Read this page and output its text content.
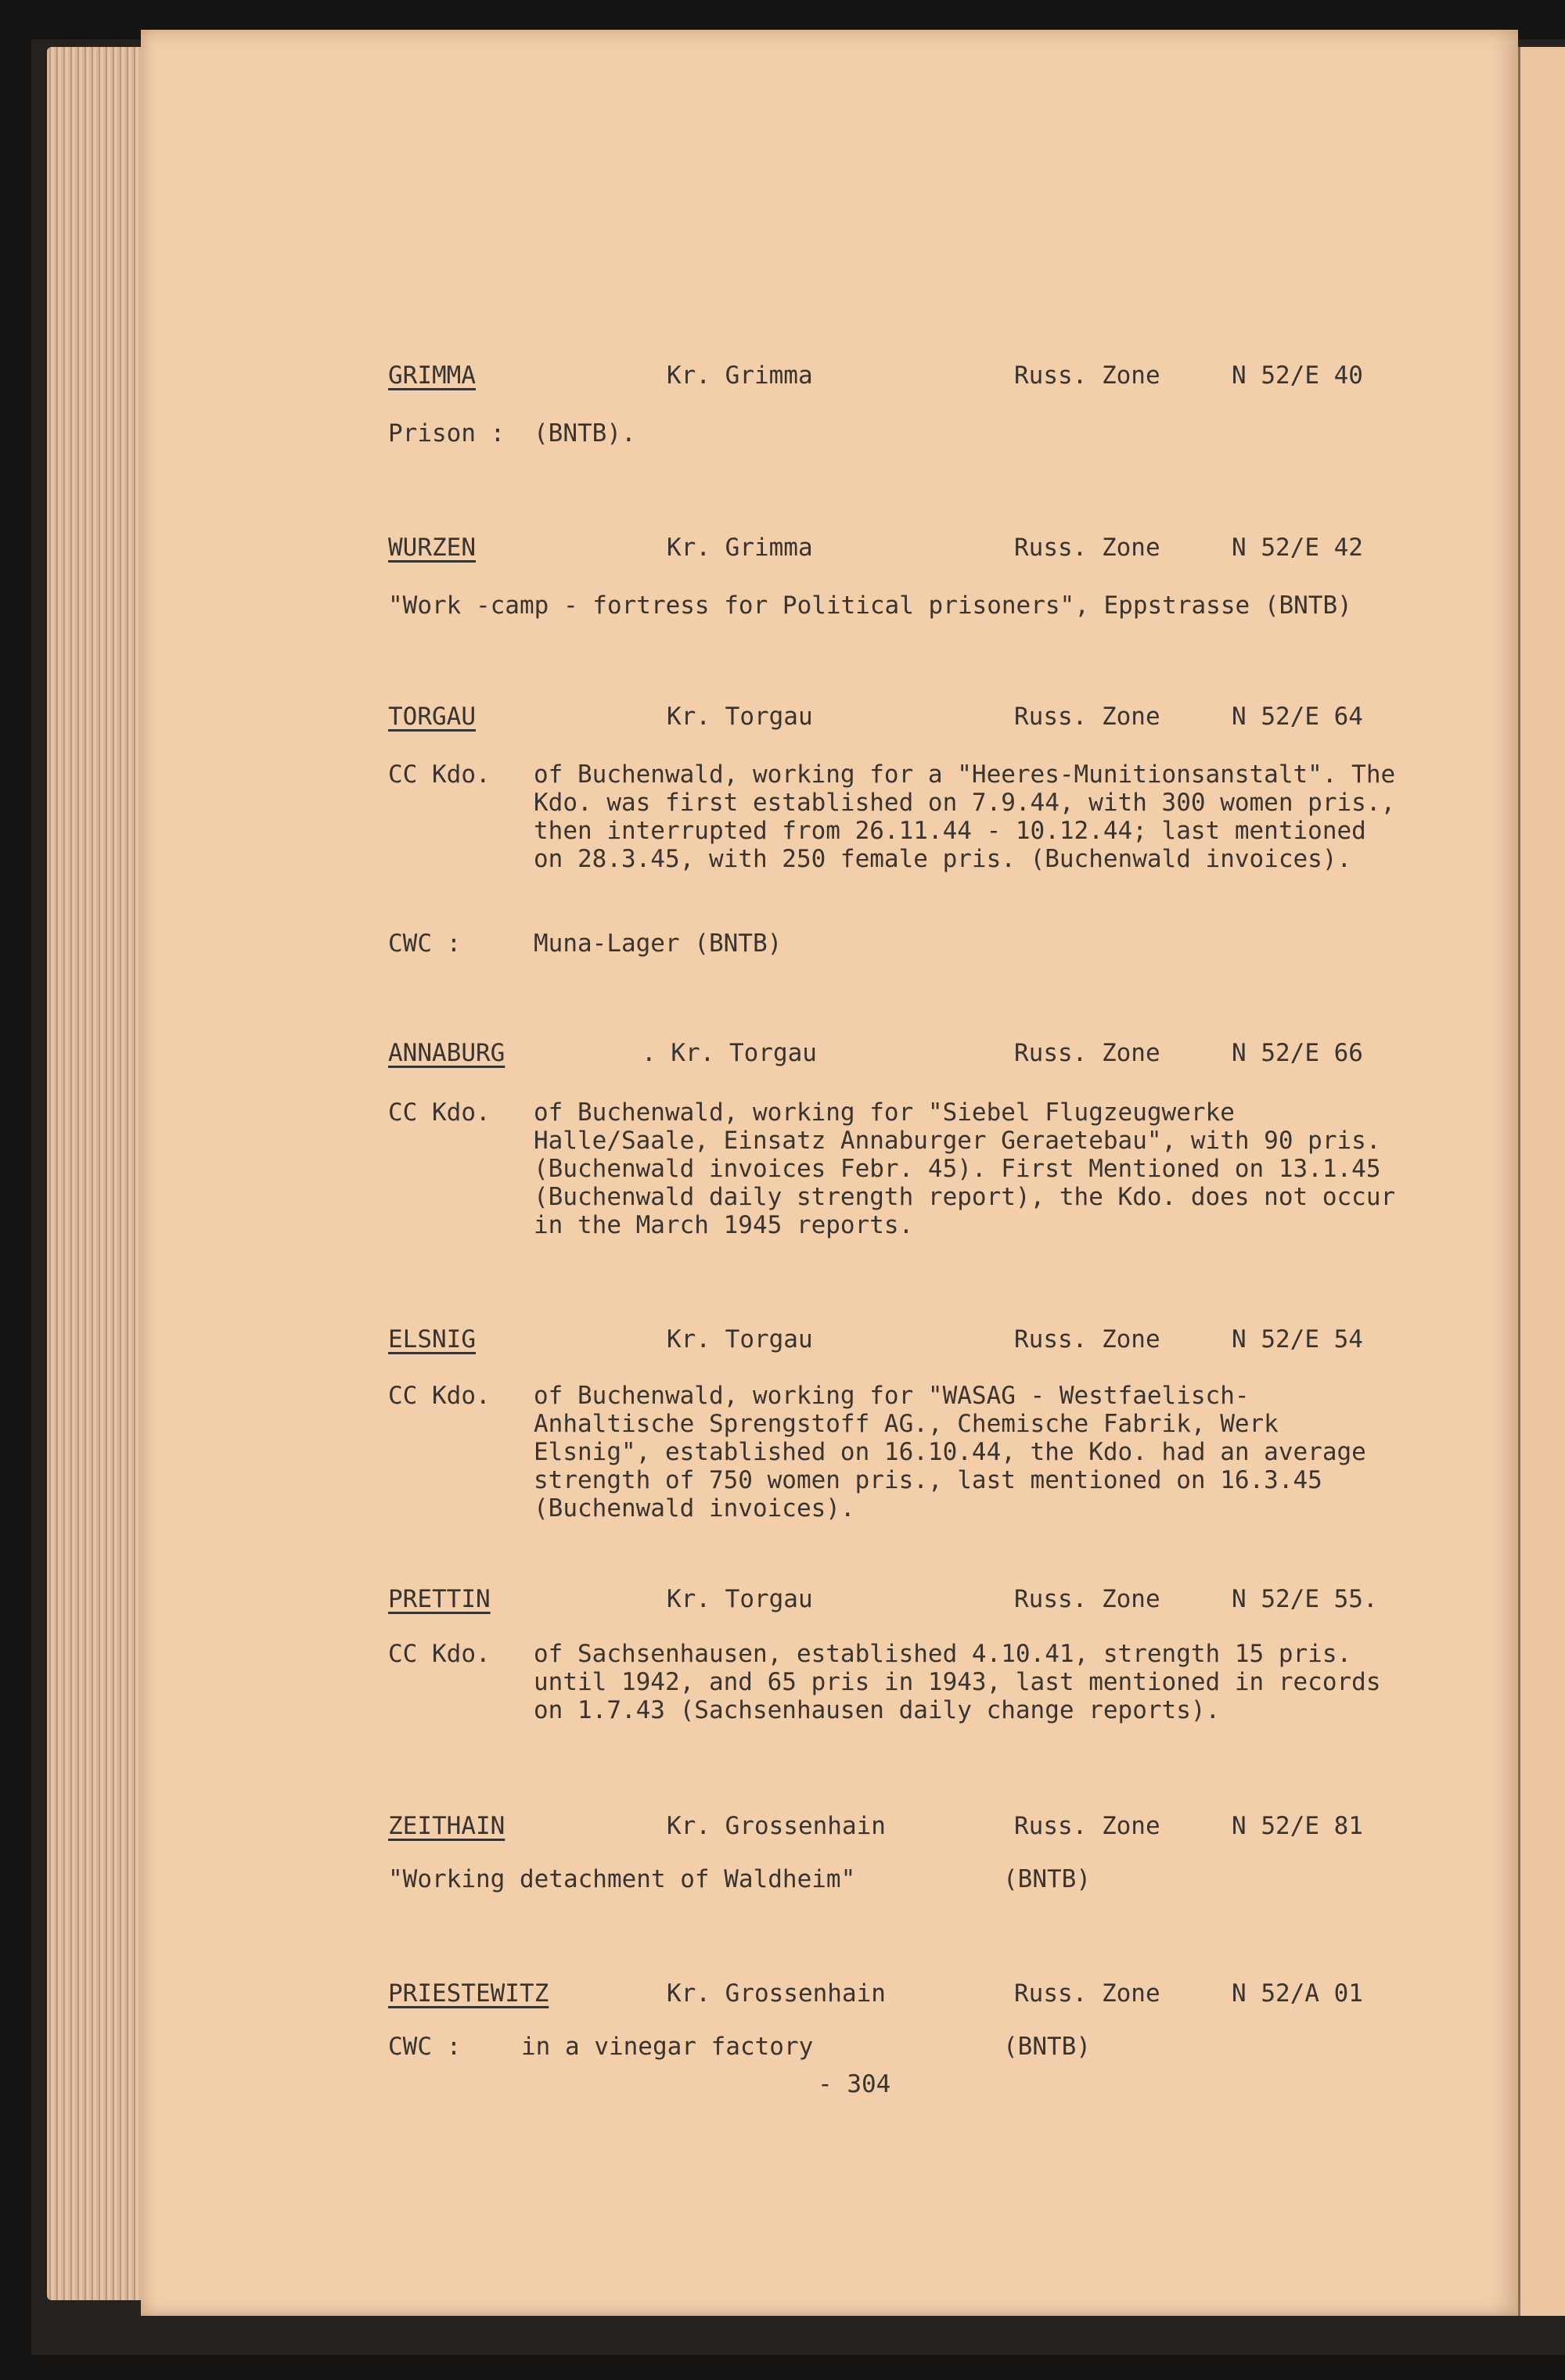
GRIMMA	Kr. Grimma	Russ. Zone	N 52/E 40
Prison : (BNTB).
WURZEN	Kr. Grimma	Russ. Zone	N 52/E 42
"Work -camp - fortress for Political prisoners", Eppstrasse (BNTB)
TORGAU	Kr. Torgau	Russ. Zone	N 52/E 64
CC Kdo. of Buchenwald, working for a "Heeres-Munitionsanstalt". The Kdo. was first established on 7.9.44, with 300 women pris., then interrupted from 26.11.44 - 10.12.44; last mentioned on 28.3.45, with 250 female pris. (Buchenwald invoices).
CWC :	Muna-Lager (BNTB)
ANNABURG	. Kr. Torgau	Russ. Zone	N 52/E 66
CC Kdo. of Buchenwald, working for "Siebel Flugzeugwerke Halle/Saale, Einsatz Annaburger Geraetebau", with 90 pris. (Buchenwald invoices Febr. 45). First Mentioned on 13.1.45 (Buchenwald daily strength report), the Kdo. does not occur in the March 1945 reports.
ELSNIG	Kr. Torgau	Russ. Zone	N 52/E 54
CC Kdo. of Buchenwald, working for "WASAG - Westfaelisch-Anhaltische Sprengstoff AG., Chemische Fabrik, Werk Elsnig", established on 16.10.44, the Kdo. had an average strength of 750 women pris., last mentioned on 16.3.45 (Buchenwald invoices).
PRETTIN	Kr. Torgau	Russ. Zone	N 52/E 55.
CC Kdo. of Sachsenhausen, established 4.10.41, strength 15 pris. until 1942, and 65 pris in 1943, last mentioned in records on 1.7.43 (Sachsenhausen daily change reports).
ZEITHAIN	Kr. Grossenhain	Russ. Zone	N 52/E 81
"Working detachment of Waldheim"	(BNTB)
PRIESTEWITZ	Kr. Grossenhain	Russ. Zone	N 52/A 01
CWC : in a vinegar factory	(BNTB)
- 304
